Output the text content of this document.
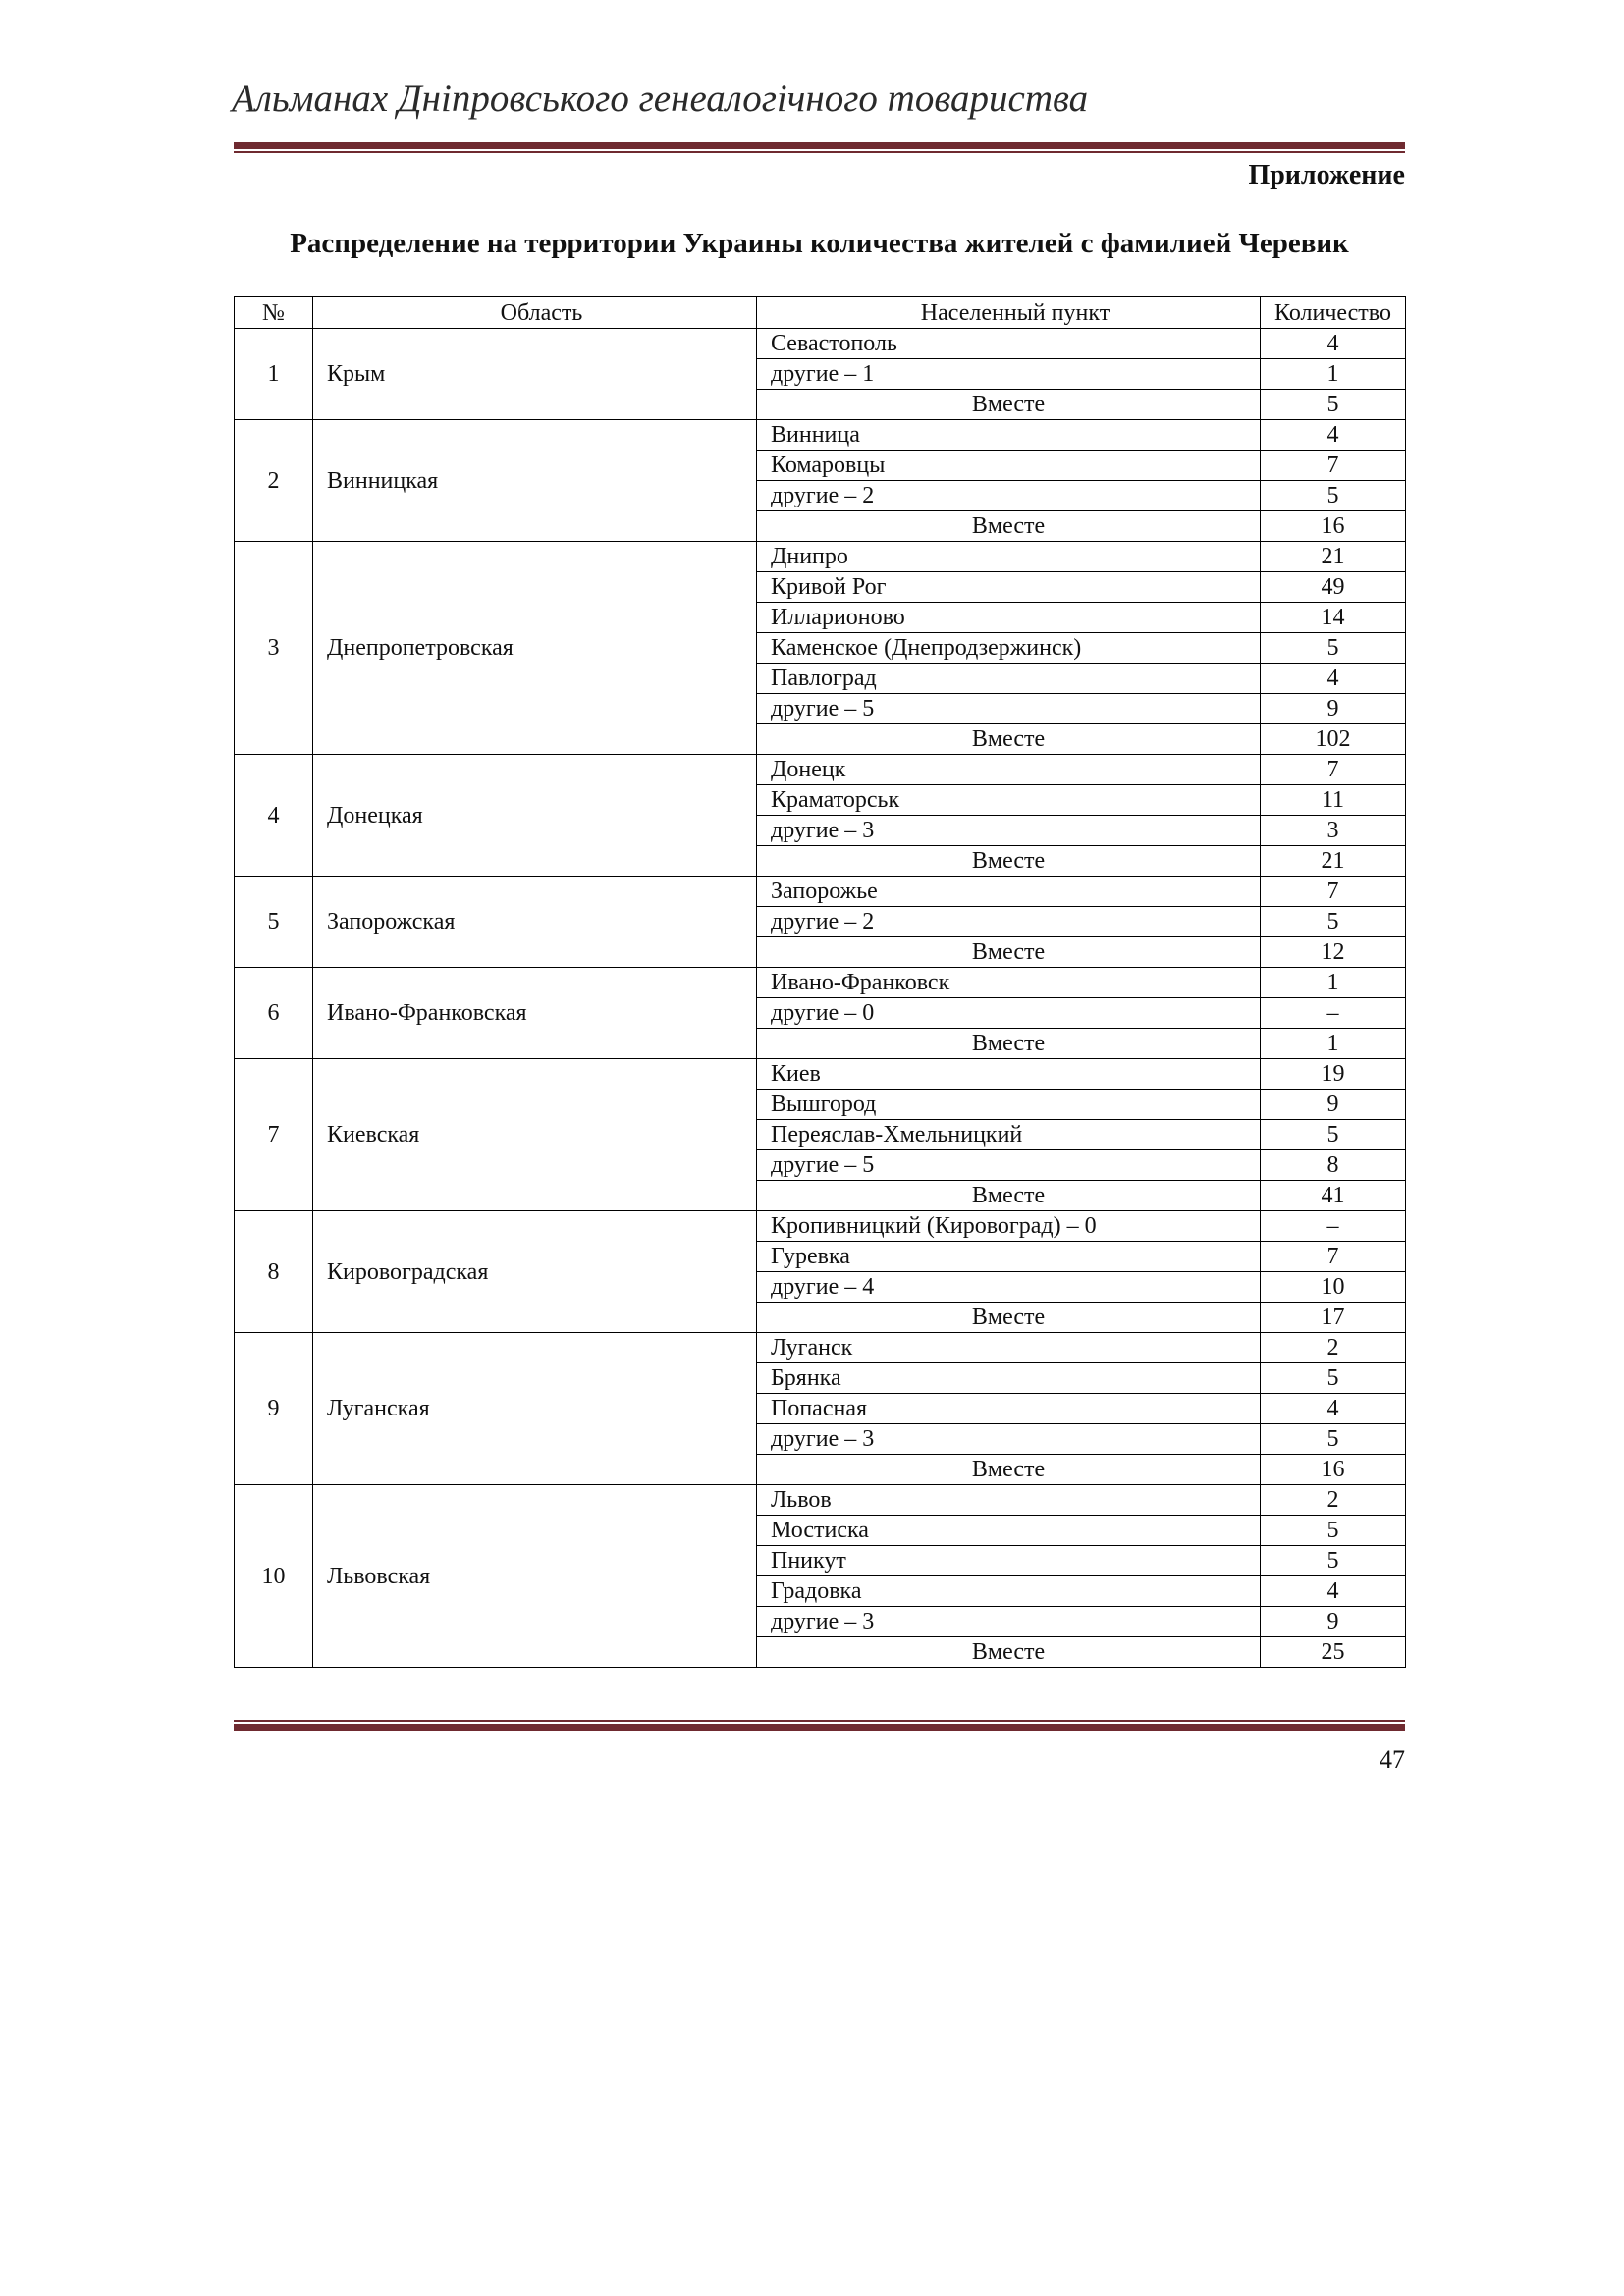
Альманах Дніпровського генеалогічного товариства
Приложение
Распределение на территории Украины количества жителей с фамилией Черевик
№	Область	Населенный пункт	Количество
1	Крым	Севастополь	4
		другие – 1	1
		Вместе	5
2	Винницкая	Винница	4
		Комаровцы	7
		другие – 2	5
		Вместе	16
3	Днепропетровская	Днипро	21
		Кривой Рог	49
		Илларионово	14
		Каменское (Днепродзержинск)	5
		Павлоград	4
		другие – 5	9
		Вместе	102
4	Донецкая	Донецк	7
		Краматорськ	11
		другие – 3	3
		Вместе	21
5	Запорожская	Запорожье	7
		другие – 2	5
		Вместе	12
6	Ивано-Франковская	Ивано-Франковск	1
		другие – 0	–
		Вместе	1
7	Киевская	Киев	19
		Вышгород	9
		Переяслав-Хмельницкий	5
		другие – 5	8
		Вместе	41
8	Кировоградская	Кропивницкий (Кировоград) – 0	–
		Гуревка	7
		другие – 4	10
		Вместе	17
9	Луганская	Луганск	2
		Брянка	5
		Попасная	4
		другие – 3	5
		Вместе	16
10	Львовская	Львов	2
		Мостиска	5
		Пникут	5
		Градовка	4
		другие – 3	9
		Вместе	25
47
